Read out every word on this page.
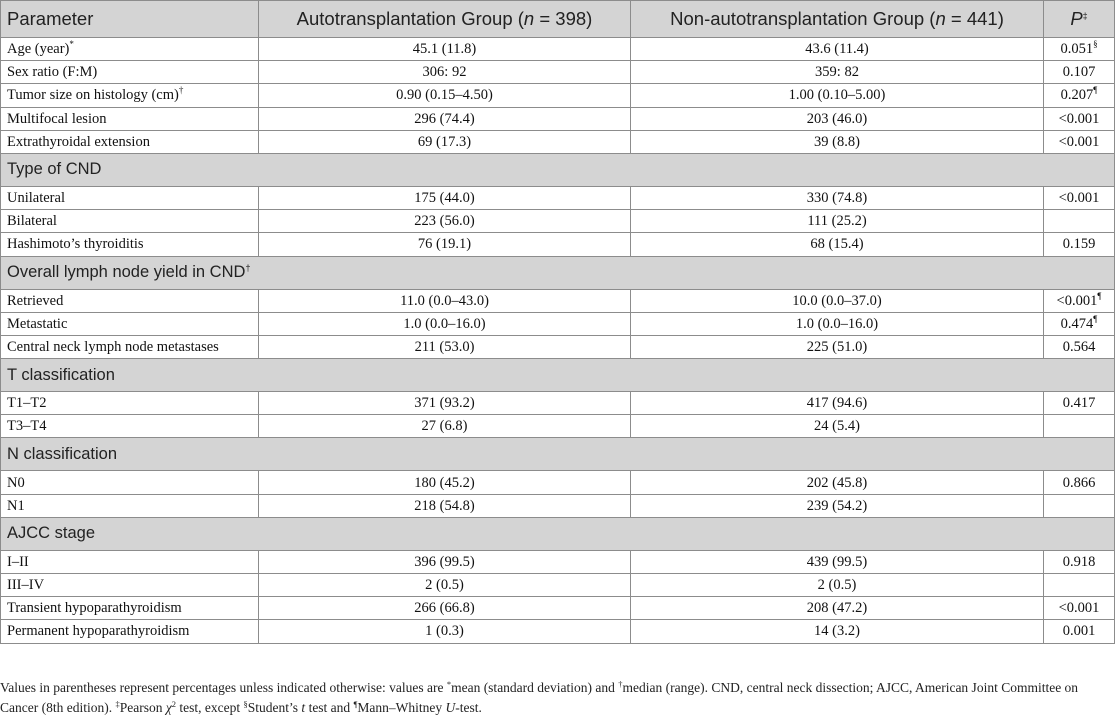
Parameter	Autotransplantation Group (n = 398)	Non-autotransplantation Group (n = 441)	P‡
Age (year)*	45.1 (11.8)	43.6 (11.4)	0.051§
Sex ratio (F:M)	306: 92	359: 82	0.107
Tumor size on histology (cm)†	0.90 (0.15–4.50)	1.00 (0.10–5.00)	0.207¶
Multifocal lesion	296 (74.4)	203 (46.0)	<0.001
Extrathyroidal extension	69 (17.3)	39 (8.8)	<0.001
Type of CND			
Unilateral	175 (44.0)	330 (74.8)	<0.001
Bilateral	223 (56.0)	111 (25.2)	
Hashimoto’s thyroiditis	76 (19.1)	68 (15.4)	0.159
Overall lymph node yield in CND†
Retrieved	11.0 (0.0–43.0)	10.0 (0.0–37.0)	<0.001¶
Metastatic	1.0 (0.0–16.0)	1.0 (0.0–16.0)	0.474¶
Central neck lymph node metastases	211 (53.0)	225 (51.0)	0.564
T classification			
T1–T2	371 (93.2)	417 (94.6)	0.417
T3–T4	27 (6.8)	24 (5.4)	
N classification			
N0	180 (45.2)	202 (45.8)	0.866
N1	218 (54.8)	239 (54.2)	
AJCC stage			
I–II	396 (99.5)	439 (99.5)	0.918
III–IV	2 (0.5)	2 (0.5)	
Transient hypoparathyroidism	266 (66.8)	208 (47.2)	<0.001
Permanent hypoparathyroidism	1 (0.3)	14 (3.2)	0.001

Values in parentheses represent percentages unless indicated otherwise: values are *mean (standard deviation) and †median (range). CND, central neck dissection; AJCC, American Joint Committee on Cancer (8th edition). ‡Pearson $\chi^2$ test, except §Student’s t test and ¶Mann–Whitney U-test.
